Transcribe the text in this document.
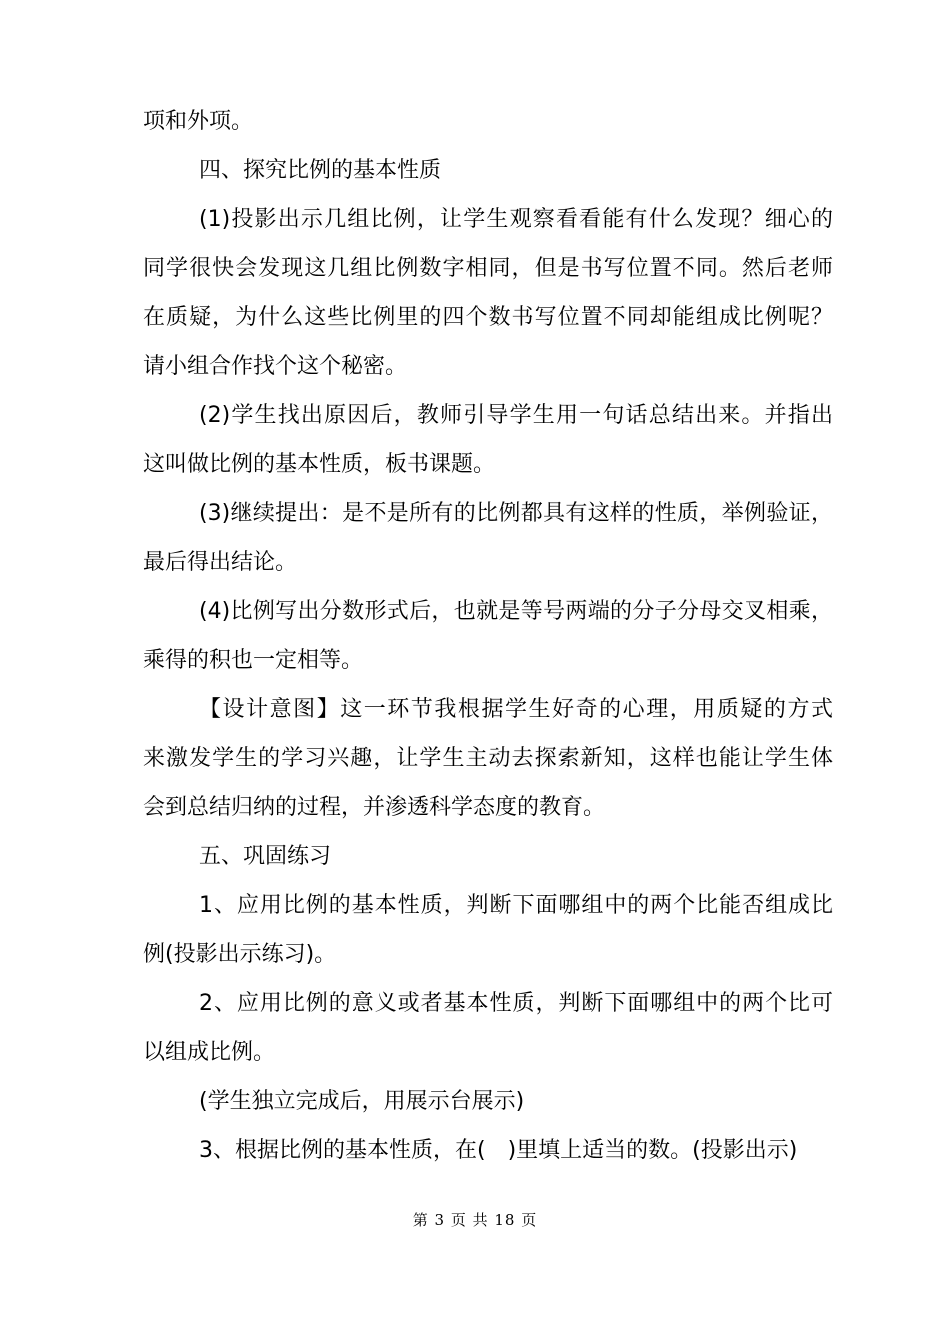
项和外项。
四、探究比例的基本性质
(1)投影出示几组比例，让学生观察看看能有什么发现？细心的
同学很快会发现这几组比例数字相同，但是书写位置不同。然后老师
在质疑，为什么这些比例里的四个数书写位置不同却能组成比例呢？
请小组合作找个这个秘密。
(2)学生找出原因后，教师引导学生用一句话总结出来。并指出
这叫做比例的基本性质，板书课题。
(3)继续提出：是不是所有的比例都具有这样的性质，举例验证，
最后得出结论。
(4)比例写出分数形式后，也就是等号两端的分子分母交叉相乘，
乘得的积也一定相等。
【设计意图】这一环节我根据学生好奇的心理，用质疑的方式
来激发学生的学习兴趣，让学生主动去探索新知，这样也能让学生体
会到总结归纳的过程，并渗透科学态度的教育。
五、巩固练习
1、应用比例的基本性质，判断下面哪组中的两个比能否组成比
例(投影出示练习)。
2、应用比例的意义或者基本性质，判断下面哪组中的两个比可
以组成比例。
(学生独立完成后，用展示台展示)
3、根据比例的基本性质，在(　)里填上适当的数。(投影出示)
第 3 页 共 18 页
